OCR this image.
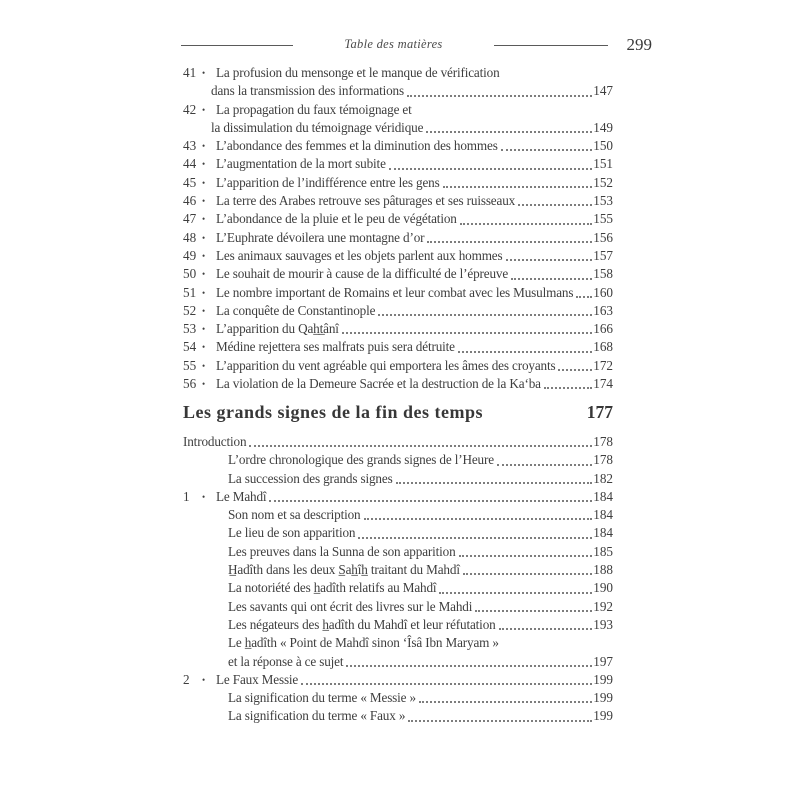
Table des matières	299
41 • La profusion du mensonge et le manque de vérification
dans la transmission des informations	147
42 • La propagation du faux témoignage et
la dissimulation du témoignage véridique	149
43 • L’abondance des femmes et la diminution des hommes	150
44 • L’augmentation de la mort subite	151
45 • L’apparition de l’indifférence entre les gens	152
46 • La terre des Arabes retrouve ses pâturages et ses ruisseaux	153
47 • L’abondance de la pluie et le peu de végétation	155
48 • L’Euphrate dévoilera une montagne d’or	156
49 • Les animaux sauvages et les objets parlent aux hommes	157
50 • Le souhait de mourir à cause de la difficulté de l’épreuve	158
51 • Le nombre important de Romains et leur combat avec les Musulmans 160
52 • La conquête de Constantinople	163
53 • L’apparition du Qah̲t̲ânî	166
54 • Médine rejettera ses malfrats puis sera détruite	168
55 • L’apparition du vent agréable qui emportera les âmes des croyants	172
56 • La violation de la Demeure Sacrée et la destruction de la Ka‘ba	174
Les grands signes de la fin des temps	177
Introduction	178
L’ordre chronologique des grands signes de l’Heure	178
La succession des grands signes	182
1	• Le Mahdî	184
Son nom et sa description	184
Le lieu de son apparition	184
Les preuves dans la Sunna de son apparition	185
H̲adîth dans les deux S̲ah̲îh̲ traitant du Mahdî	188
La notoriété des h̲adîth relatifs au Mahdî	190
Les savants qui ont écrit des livres sur le Mahdi	192
Les négateurs des h̲adîth du Mahdî et leur réfutation	193
Le h̲adîth « Point de Mahdî sinon ‘Îsâ Ibn Maryam »
et la réponse à ce sujet	197
2	• Le Faux Messie	199
La signification du terme « Messie »	199
La signification du terme « Faux »	199
